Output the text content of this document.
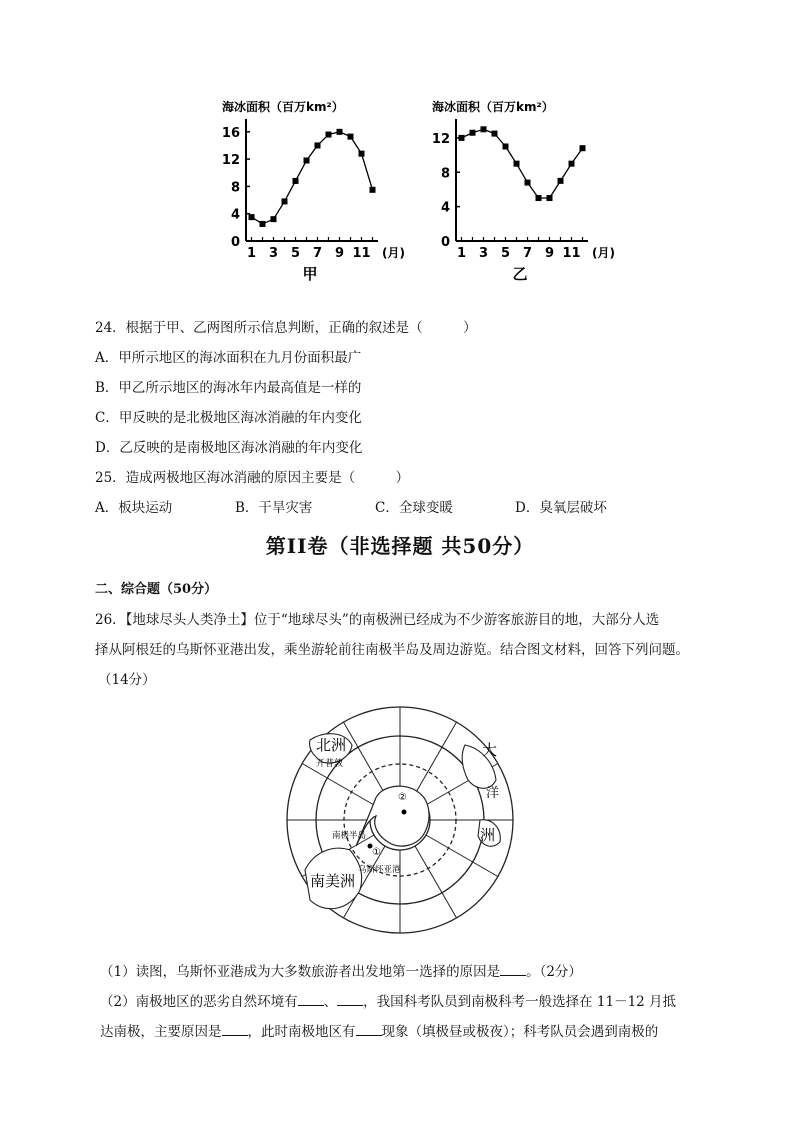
海冰面积（百万km²）
0
4
8
12
16
1 3 5 7 9 11 (月)
甲
海冰面积（百万km²）
0
4
8
12
1 3 5 7 9 11 (月)
乙
24．根据于甲、乙两图所示信息判断，正确的叙述是（　　　）
A．甲所示地区的海冰面积在九月份面积最广
B．甲乙所示地区的海冰年内最高值是一样的
C．甲反映的是北极地区海冰消融的年内变化
D．乙反映的是南极地区海冰消融的年内变化
25．造成两极地区海冰消融的原因主要是（　　　）
A．板块运动	B．干旱灾害	C．全球变暖	D．臭氧层破坏
第II卷（非选择题 共50分）
二、综合题（50分）
26．【地球尽头人类净土】位于“地球尽头”的南极洲已经成为不少游客旅游目的地，大部分人选
择从阿根廷的乌斯怀亚港出发，乘坐游轮前往南极半岛及周边游览。结合图文材料，回答下列问题。
（14分）
北洲
开普敦
大
洋
洲
②
①
南极半岛
乌斯怀亚港
南美洲
（1）读图，乌斯怀亚港成为大多数旅游者出发地第一选择的原因是 。（2分）
（2）南极地区的恶劣自然环境有 、 ，我国科考队员到南极科考一般选择在 11－12 月抵
达南极，主要原因是 ，此时南极地区有 现象（填极昼或极夜）；科考队员会遇到南极的
